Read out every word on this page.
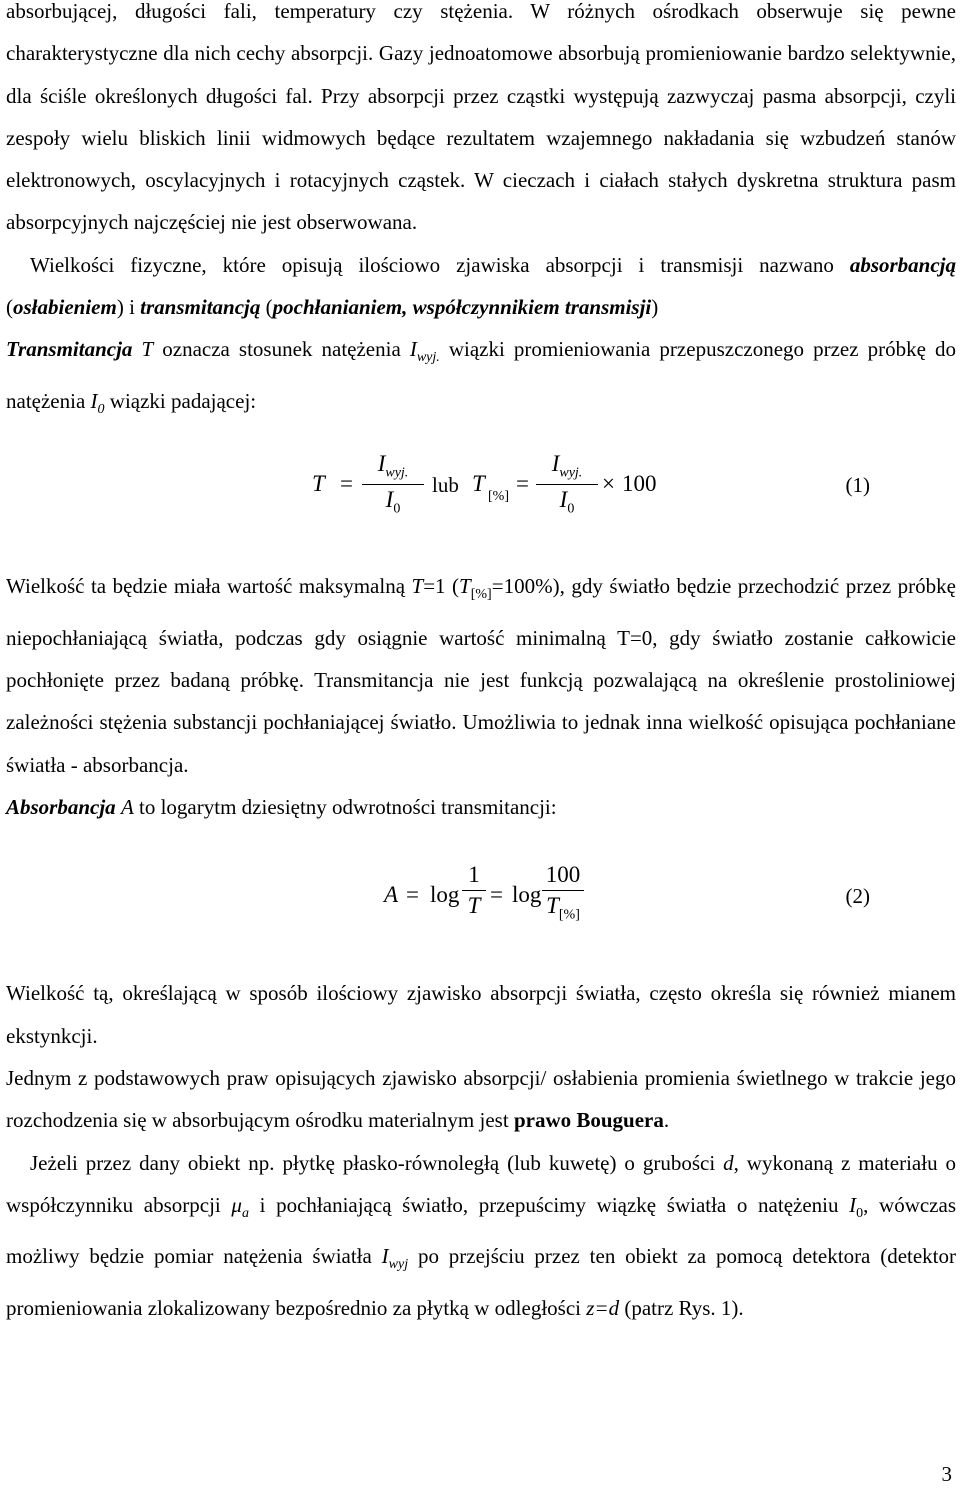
absorbującej, długości fali, temperatury czy stężenia. W różnych ośrodkach obserwuje się pewne charakterystyczne dla nich cechy absorpcji. Gazy jednoatomowe absorbują promieniowanie bardzo selektywnie, dla ściśle określonych długości fal. Przy absorpcji przez cząstki występują zazwyczaj pasma absorpcji, czyli zespoły wielu bliskich linii widmowych będące rezultatem wzajemnego nakładania się wzbudzeń stanów elektronowych, oscylacyjnych i rotacyjnych cząstek. W cieczach i ciałach stałych dyskretna struktura pasm absorpcyjnych najczęściej nie jest obserwowana.

Wielkości fizyczne, które opisują ilościowo zjawiska absorpcji i transmisji nazwano absorbancją (osłabieniem) i transmitancją (pochłanianiem, współczynnikiem transmisji)

Transmitancja T oznacza stosunek natężenia $I_{wyj.}$ wiązki promieniowania przepuszczonego przez próbkę do natężenia $I_0$ wiązki padającej:

T =
$I_{wyj.}$
$I_0$
lub T
[%]
=
$I_{wyj.}$
$I_0$
× 100	(1)

Wielkość ta będzie miała wartość maksymalną T=1 $(T_{[\%]}=100\%)$, gdy światło będzie przechodzić przez próbkę niepochłaniającą światła, podczas gdy osiągnie wartość minimalną T=0, gdy światło zostanie całkowicie pochłonięte przez badaną próbkę. Transmitancja nie jest funkcją pozwalającą na określenie prostoliniowej zależności stężenia substancji pochłaniającej światło. Umożliwia to jednak inna wielkość opisująca pochłaniane światła - absorbancja.

Absorbancja A to logarytm dziesiętny odwrotności transmitancji:

A = log
1
T = log
100
$T_{[\%]}$
(2)

Wielkość tą, określającą w sposób ilościowy zjawisko absorpcji światła, często określa się również mianem ekstynkcji.

Jednym z podstawowych praw opisujących zjawisko absorpcji/ osłabienia promienia świetlnego w trakcie jego rozchodzenia się w absorbującym ośrodku materialnym jest prawo Bouguera.

Jeżeli przez dany obiekt np. płytkę płasko-równoległą (lub kuwetę) o grubości d, wykonaną z materiału o współczynniku absorpcji $\mu_a$ i pochłaniającą światło, przepuścimy wiązkę światła o natężeniu $I_0$, wówczas możliwy będzie pomiar natężenia światła $I_{wyj}$ po przejściu przez ten obiekt za pomocą detektora (detektor promieniowania zlokalizowany bezpośrednio za płytką w odległości z=d (patrz Rys. 1).

3
